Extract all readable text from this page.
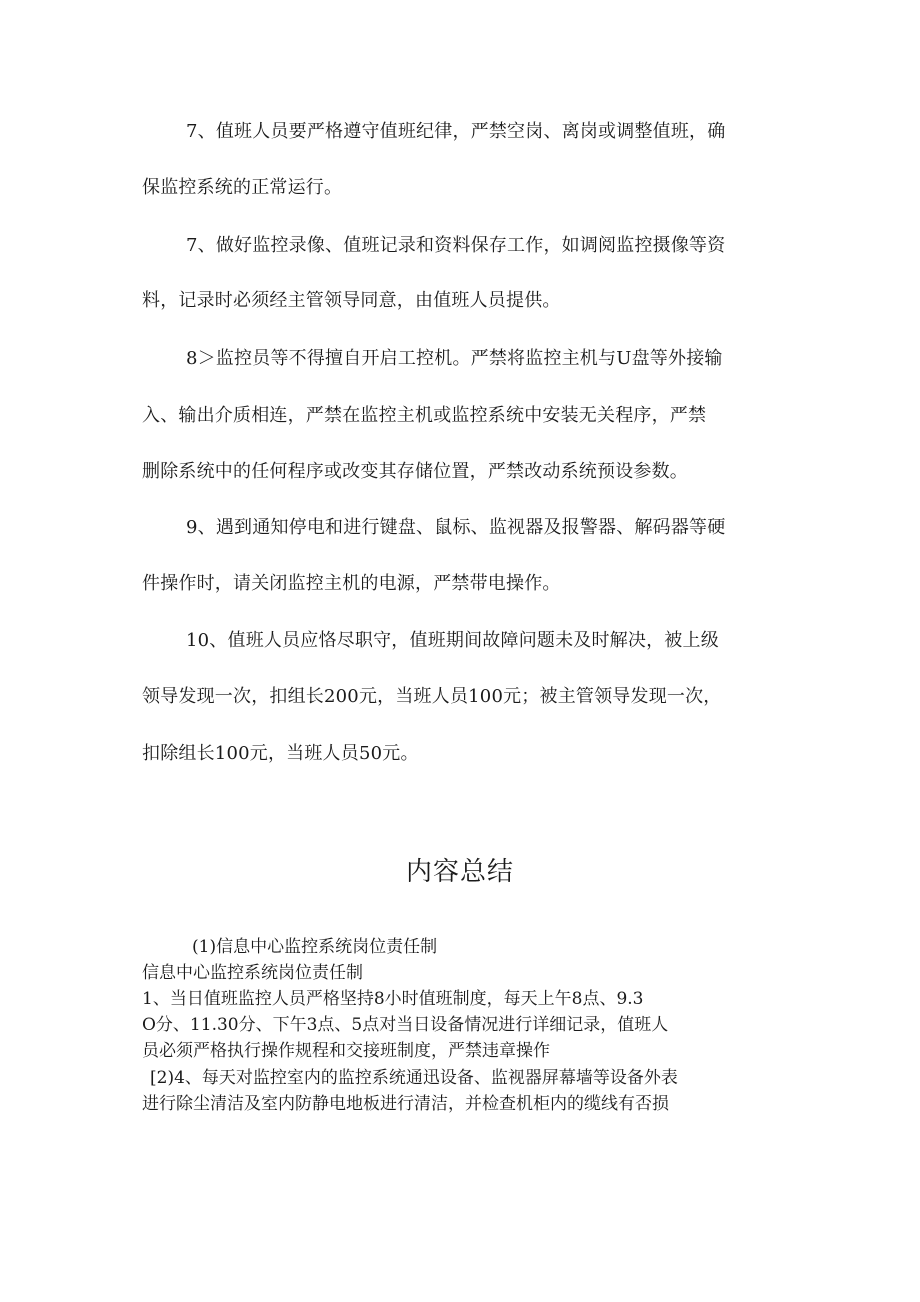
7、值班人员要严格遵守值班纪律，严禁空岗、离岗或调整值班，确
保监控系统的正常运行。
7、做好监控录像、值班记录和资料保存工作，如调阅监控摄像等资
料，记录时必须经主管领导同意，由值班人员提供。
8＞监控员等不得擅自开启工控机。严禁将监控主机与U盘等外接输
入、输出介质相连，严禁在监控主机或监控系统中安装无关程序，严禁
删除系统中的任何程序或改变其存储位置，严禁改动系统预设参数。
9、遇到通知停电和进行键盘、鼠标、监视器及报警器、解码器等硬
件操作时，请关闭监控主机的电源，严禁带电操作。
10、值班人员应恪尽职守，值班期间故障问题未及时解决，被上级
领导发现一次，扣组长200元，当班人员100元；被主管领导发现一次，
扣除组长100元，当班人员50元。
内容总结
(1)信息中心监控系统岗位责任制
信息中心监控系统岗位责任制
1、当日值班监控人员严格坚持8小时值班制度，每天上午8点、9.3
O分、11.30分、下午3点、5点对当日设备情况进行详细记录，值班人
员必须严格执行操作规程和交接班制度，严禁违章操作
[2)4、每天对监控室内的监控系统通迅设备、监视器屏幕墙等设备外表
进行除尘清洁及室内防静电地板进行清洁，并检查机柜内的缆线有否损
